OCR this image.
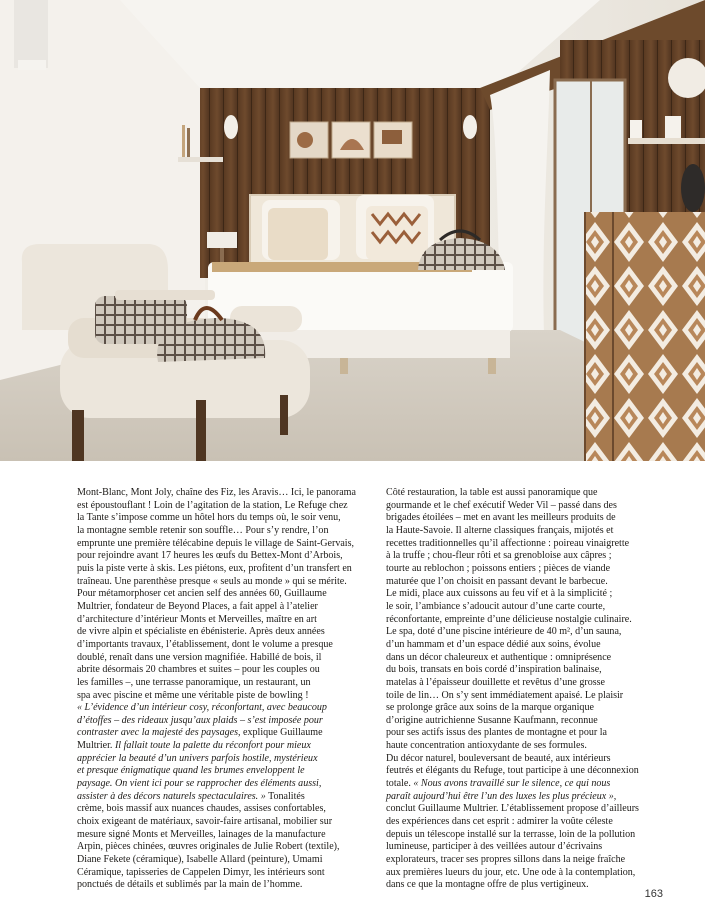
Mont-Blanc, Mont Joly, chaîne des Fiz, les Aravis… Ici, le panorama
est époustouflant ! Loin de l’agitation de la station, Le Refuge chez
la Tante s’impose comme un hôtel hors du temps où, le soir venu,
la montagne semble retenir son souffle… Pour s’y rendre, l’on
emprunte une première télécabine depuis le village de Saint-Gervais,
pour rejoindre avant 17 heures les œufs du Bettex-Mont d’Arbois,
puis la piste verte à skis. Les piétons, eux, profitent d’un transfert en
traîneau. Une parenthèse presque « seuls au monde » qui se mérite.
Pour métamorphoser cet ancien self des années 60, Guillaume
Multrier, fondateur de Beyond Places, a fait appel à l’atelier
d’architecture d’intérieur Monts et Merveilles, maître en art
de vivre alpin et spécialiste en ébénisterie. Après deux années
d’importants travaux, l’établissement, dont le volume a presque
doublé, renaît dans une version magnifiée. Habillé de bois, il
abrite désormais 20 chambres et suites – pour les couples ou
les familles –, une terrasse panoramique, un restaurant, un
spa avec piscine et même une véritable piste de bowling !
« L’évidence d’un intérieur cosy, réconfortant, avec beaucoup
d’étoffes – des rideaux jusqu’aux plaids – s’est imposée pour
contraster avec la majesté des paysages, explique Guillaume
Multrier. Il fallait toute la palette du réconfort pour mieux
apprécier la beauté d’un univers parfois hostile, mystérieux
et presque énigmatique quand les brumes enveloppent le
paysage. On vient ici pour se rapprocher des éléments aussi,
assister à des décors naturels spectaculaires. » Tonalités
crème, bois massif aux nuances chaudes, assises confortables,
choix exigeant de matériaux, savoir-faire artisanal, mobilier sur
mesure signé Monts et Merveilles, lainages de la manufacture
Arpin, pièces chinées, œuvres originales de Julie Robert (textile),
Diane Fekete (céramique), Isabelle Allard (peinture), Umami
Céramique, tapisseries de Cappelen Dimyr, les intérieurs sont
ponctués de détails et sublimés par la main de l’homme.
Côté restauration, la table est aussi panoramique que
gourmande et le chef exécutif Weder Vil – passé dans des
brigades étoilées – met en avant les meilleurs produits de
la Haute-Savoie. Il alterne classiques français, mijotés et
recettes traditionnelles qu’il affectionne : poireau vinaigrette
à la truffe ; chou-fleur rôti et sa grenobloise aux câpres ;
tourte au reblochon ; poissons entiers ; pièces de viande
maturée que l’on choisit en passant devant le barbecue.
Le midi, place aux cuissons au feu vif et à la simplicité ;
le soir, l’ambiance s’adoucit autour d’une carte courte,
réconfortante, empreinte d’une délicieuse nostalgie culinaire.
Le spa, doté d’une piscine intérieure de 40 m², d’un sauna,
d’un hammam et d’un espace dédié aux soins, évolue
dans un décor chaleureux et authentique : omniprésence
du bois, transats en bois cordé d’inspiration balinaise,
matelas à l’épaisseur douillette et revêtus d’une grosse
toile de lin… On s’y sent immédiatement apaisé. Le plaisir
se prolonge grâce aux soins de la marque organique
d’origine autrichienne Susanne Kaufmann, reconnue
pour ses actifs issus des plantes de montagne et pour la
haute concentration antioxydante de ses formules.
Du décor naturel, bouleversant de beauté, aux intérieurs
feutrés et élégants du Refuge, tout participe à une déconnexion
totale. « Nous avons travaillé sur le silence, ce qui nous
paraît aujourd’hui être l’un des luxes les plus précieux »,
conclut Guillaume Multrier. L’établissement propose d’ailleurs
des expériences dans cet esprit : admirer la voûte céleste
depuis un télescope installé sur la terrasse, loin de la pollution
lumineuse, participer à des veillées autour d’écrivains
explorateurs, tracer ses propres sillons dans la neige fraîche
aux premières lueurs du jour, etc. Une ode à la contemplation,
dans ce que la montagne offre de plus vertigineux.
163
